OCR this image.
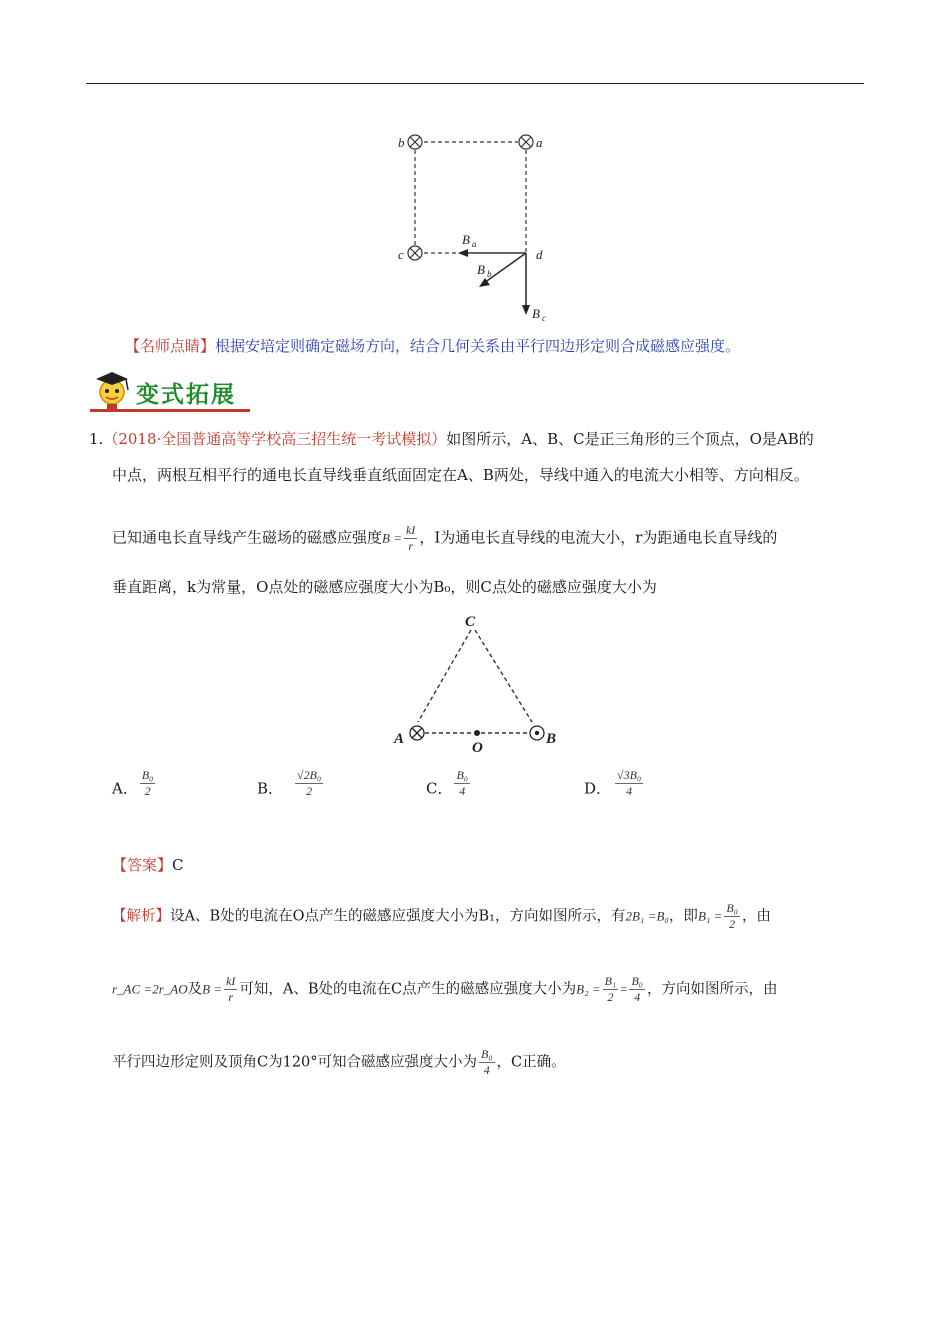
b	a
c	d
B a
B b
B c
【名师点睛】根据安培定则确定磁场方向，结合几何关系由平行四边形定则合成磁感应强度。
变式拓展
1.（2018·全国普通高等学校高三招生统一考试模拟）如图所示，A、B、C是正三角形的三个顶点，O是AB的
中点，两根互相平行的通电长直导线垂直纸面固定在A、B两处，导线中通入的电流大小相等、方向相反。
已知通电长直导线产生磁场的磁感应强度$B = \frac{kI}{r}$ ，I为通电长直导线的电流大小，r为距通电长直导线的
垂直距离，k为常量，O点处的磁感应强度大小为B₀，则C点处的磁感应强度大小为
C
A
O
B
A． $\frac{\text{B₀}}{2}$	B． $\frac{\text{√2B₀}}{2}$	C． $\frac{\text{B₀}}{4}$	D． $\frac{\text{√3B₀}}{4}$
【答案】C
【解析】设A、B处的电流在O点产生的磁感应强度大小为B₁，方向如图所示，有2B₁ =B₀，即$B_1 = \frac{\text{B₀}}{2}$ ，由
r_AC =2r_AO及$B = \frac{kI}{r}$ 可知，A、B处的电流在C点产生的磁感应强度大小为$B_2 = \frac{\text{B₁}}{2} = \frac{\text{B₀}}{4}$ ，方向如图所示，由
平行四边形定则及顶角C为120°可知合磁感应强度大小为 $\frac{\text{B₀}}{4}$ ，C正确。
